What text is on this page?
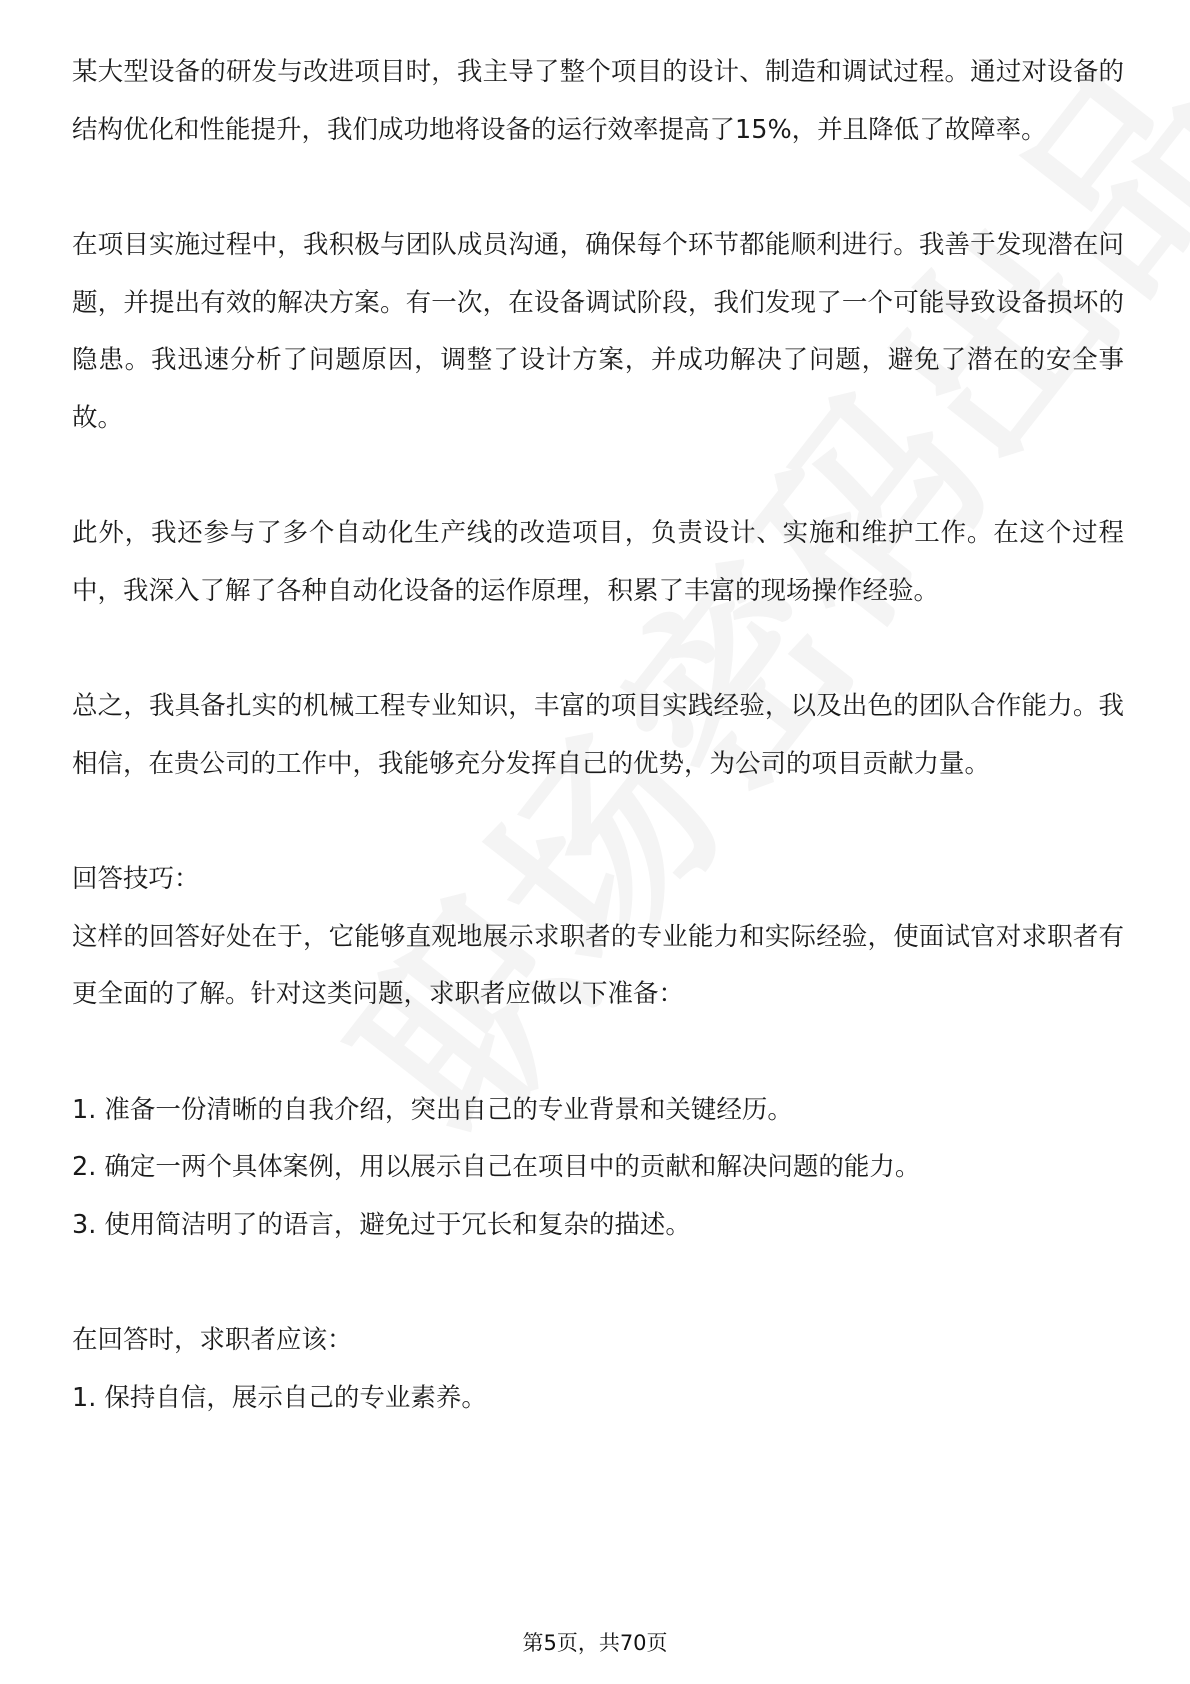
某大型设备的研发与改进项目时，我主导了整个项目的设计、制造和调试过程。通过对设备的结构优化和性能提升，我们成功地将设备的运行效率提高了15%，并且降低了故障率。

在项目实施过程中，我积极与团队成员沟通，确保每个环节都能顺利进行。我善于发现潜在问题，并提出有效的解决方案。有一次，在设备调试阶段，我们发现了一个可能导致设备损坏的隐患。我迅速分析了问题原因，调整了设计方案，并成功解决了问题，避免了潜在的安全事故。

此外，我还参与了多个自动化生产线的改造项目，负责设计、实施和维护工作。在这个过程中，我深入了解了各种自动化设备的运作原理，积累了丰富的现场操作经验。

总之，我具备扎实的机械工程专业知识，丰富的项目实践经验，以及出色的团队合作能力。我相信，在贵公司的工作中，我能够充分发挥自己的优势，为公司的项目贡献力量。

回答技巧：

这样的回答好处在于，它能够直观地展示求职者的专业能力和实际经验，使面试官对求职者有更全面的了解。针对这类问题，求职者应做以下准备：

1. 准备一份清晰的自我介绍，突出自己的专业背景和关键经历。

2. 确定一两个具体案例，用以展示自己在项目中的贡献和解决问题的能力。

3. 使用简洁明了的语言，避免过于冗长和复杂的描述。

在回答时，求职者应该：

1. 保持自信，展示自己的专业素养。

第5页，共70页
